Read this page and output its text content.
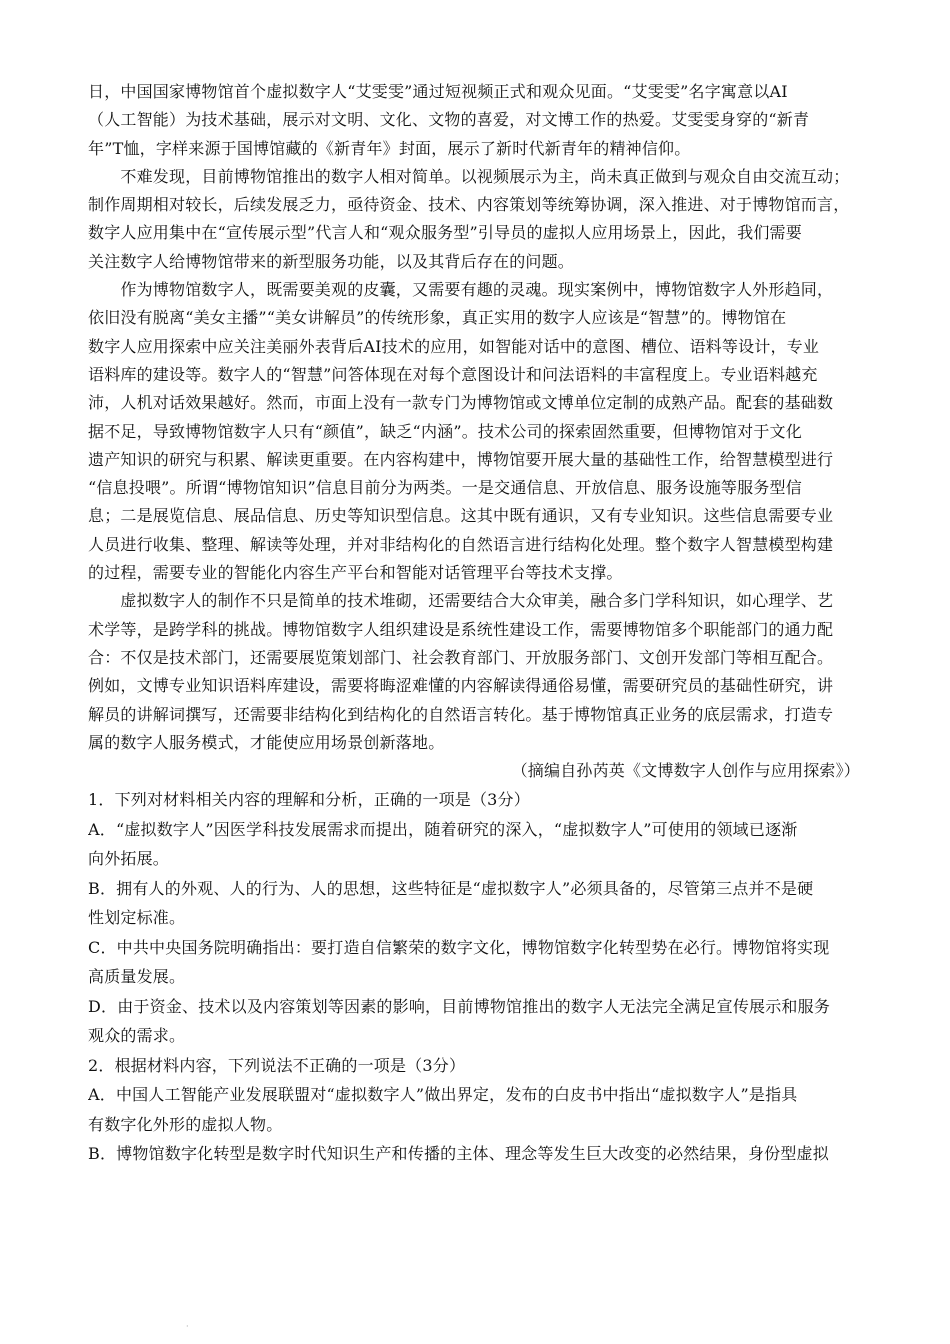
日，中国国家博物馆首个虚拟数字人“艾雯雯”通过短视频正式和观众见面。“艾雯雯”名字寓意以AI
（人工智能）为技术基础，展示对文明、文化、文物的喜爱，对文博工作的热爱。艾雯雯身穿的“新青
年”T恤，字样来源于国博馆藏的《新青年》封面，展示了新时代新青年的精神信仰。
　　不难发现，目前博物馆推出的数字人相对简单。以视频展示为主，尚未真正做到与观众自由交流互动；
制作周期相对较长，后续发展乏力，亟待资金、技术、内容策划等统筹协调，深入推进、对于博物馆而言，
数字人应用集中在“宣传展示型”代言人和“观众服务型”引导员的虚拟人应用场景上，因此，我们需要
关注数字人给博物馆带来的新型服务功能，以及其背后存在的问题。
　　作为博物馆数字人，既需要美观的皮囊，又需要有趣的灵魂。现实案例中，博物馆数字人外形趋同，
依旧没有脱离“美女主播”“美女讲解员”的传统形象，真正实用的数字人应该是“智慧”的。博物馆在
数字人应用探索中应关注美丽外表背后AI技术的应用，如智能对话中的意图、槽位、语料等设计，专业
语料库的建设等。数字人的“智慧”问答体现在对每个意图设计和问法语料的丰富程度上。专业语料越充
沛，人机对话效果越好。然而，市面上没有一款专门为博物馆或文博单位定制的成熟产品。配套的基础数
据不足，导致博物馆数字人只有“颜值”，缺乏“内涵”。技术公司的探索固然重要，但博物馆对于文化
遗产知识的研究与积累、解读更重要。在内容构建中，博物馆要开展大量的基础性工作，给智慧模型进行
“信息投喂”。所谓“博物馆知识”信息目前分为两类。一是交通信息、开放信息、服务设施等服务型信
息；二是展览信息、展品信息、历史等知识型信息。这其中既有通识，又有专业知识。这些信息需要专业
人员进行收集、整理、解读等处理，并对非结构化的自然语言进行结构化处理。整个数字人智慧模型构建
的过程，需要专业的智能化内容生产平台和智能对话管理平台等技术支撑。
　　虚拟数字人的制作不只是简单的技术堆砌，还需要结合大众审美，融合多门学科知识，如心理学、艺
术学等，是跨学科的挑战。博物馆数字人组织建设是系统性建设工作，需要博物馆多个职能部门的通力配
合：不仅是技术部门，还需要展览策划部门、社会教育部门、开放服务部门、文创开发部门等相互配合。
例如，文博专业知识语料库建设，需要将晦涩难懂的内容解读得通俗易懂，需要研究员的基础性研究，讲
解员的讲解词撰写，还需要非结构化到结构化的自然语言转化。基于博物馆真正业务的底层需求，打造专
属的数字人服务模式，才能使应用场景创新落地。
（摘编自孙芮英《文博数字人创作与应用探索》）
1．下列对材料相关内容的理解和分析，正确的一项是（3分）
A．“虚拟数字人”因医学科技发展需求而提出，随着研究的深入，“虚拟数字人”可使用的领域已逐渐
向外拓展。
B．拥有人的外观、人的行为、人的思想，这些特征是“虚拟数字人”必须具备的，尽管第三点并不是硬
性划定标准。
C．中共中央国务院明确指出：要打造自信繁荣的数字文化，博物馆数字化转型势在必行。博物馆将实现
高质量发展。
D．由于资金、技术以及内容策划等因素的影响，目前博物馆推出的数字人无法完全满足宣传展示和服务
观众的需求。
2．根据材料内容，下列说法不正确的一项是（3分）
A．中国人工智能产业发展联盟对“虚拟数字人”做出界定，发布的白皮书中指出“虚拟数字人”是指具
有数字化外形的虚拟人物。
B．博物馆数字化转型是数字时代知识生产和传播的主体、理念等发生巨大改变的必然结果，身份型虚拟
·
